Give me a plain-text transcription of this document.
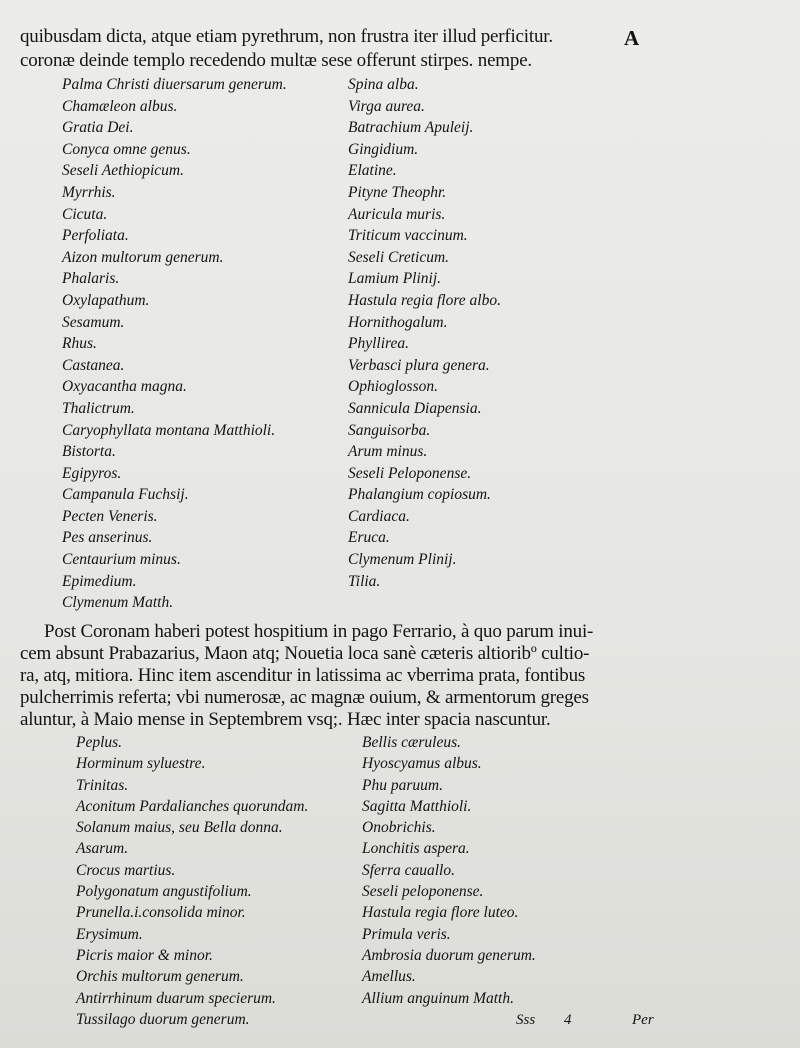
quibusdam dicta, atque etiam pyrethrum, non frustra iter illud perficitur.	A
coronæ deinde templo recedendo multæ sese offerunt stirpes. nempe.
Palma Christi diuersarum generum.
Chamæleon albus.
Gratia Dei.
Conyca omne genus.
Seseli Aethiopicum.
Myrrhis.
Cicuta.
Perfoliata.
Aizon multorum generum.
Phalaris.
Oxylapathum.
Sesamum.
Rhus.
Castanea.
Oxyacantha magna.
Thalictrum.
Caryophyllata montana Matthioli.
Bistorta.
Egipyros.
Campanula Fuchsij.
Pecten Veneris.
Pes anserinus.
Centaurium minus.
Epimedium.
Clymenum Matth.
Spina alba.
Virga aurea.
Batrachium Apuleij.
Gingidium.
Elatine.
Pityne Theophr.
Auricula muris.
Triticum vaccinum.
Seseli Creticum.
Lamium Plinij.
Hastula regia flore albo.
Hornithogalum.
Phyllirea.
Verbasci plura genera.
Ophioglosson.
Sannicula Diapensia.
Sanguisorba.
Arum minus.
Seseli Peloponense.
Phalangium copiosum.
Cardiaca.
Eruca.
Clymenum Plinij.
Tilia.
Post Coronam haberi potest hospitium in pago Ferrario, à quo parum inui-
cem absunt Prabazarius, Maon atq; Nouetia loca sanè cæteris altioribº cultio-
ra, atq, mitiora. Hinc item ascenditur in latissima ac vberrima prata, fontibus
pulcherrimis referta; vbi numerosæ, ac magnæ ouium, & armentorum greges
aluntur, à Maio mense in Septembrem vsq;. Hæc inter spacia nascuntur.
Peplus.
Horminum syluestre.
Trinitas.
Aconitum Pardalianches quorundam.
Solanum maius, seu Bella donna.
Asarum.
Crocus martius.
Polygonatum angustifolium.
Prunella.i.consolida minor.
Erysimum.
Picris maior & minor.
Orchis multorum generum.
Antirrhinum duarum specierum.
Tussilago duorum generum.
Bellis cæruleus.
Hyoscyamus albus.
Phu paruum.
Sagitta Matthioli.
Onobrichis.
Lonchitis aspera.
Sferra cauallo.
Seseli peloponense.
Hastula regia flore luteo.
Primula veris.
Ambrosia duorum generum.
Amellus.
Allium anguinum Matth.
Sss 4	Per
